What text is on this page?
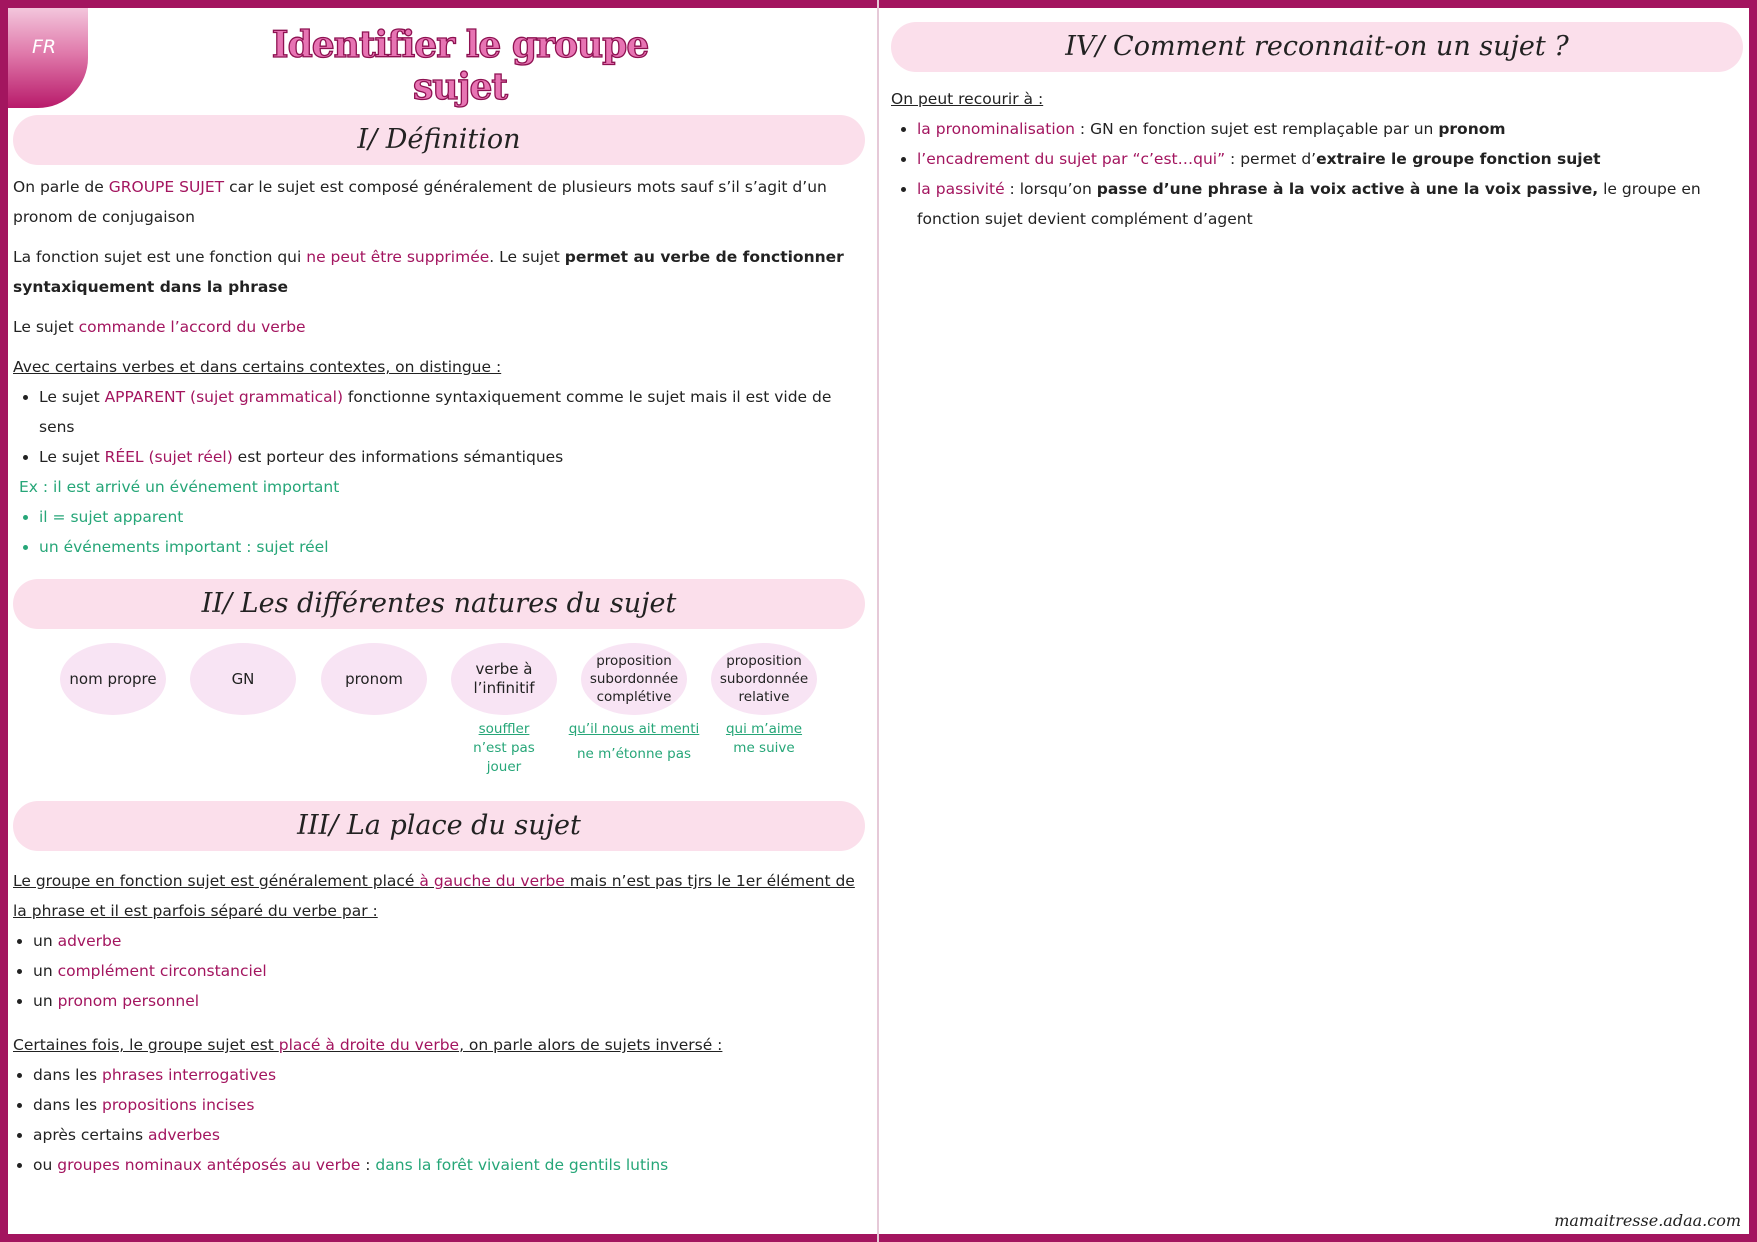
FR	Identifier le groupe sujet
I/ Définition

On parle de GROUPE SUJET car le sujet est composé généralement de plusieurs mots sauf s’il s’agit d’un pronom de conjugaison

La fonction sujet est une fonction qui ne peut être supprimée. Le sujet permet au verbe de fonctionner syntaxiquement dans la phrase

Le sujet commande l’accord du verbe

Avec certains verbes et dans certains contextes, on distingue :

• Le sujet APPARENT (sujet grammatical) fonctionne syntaxiquement comme le sujet mais il est vide de sens
• Le sujet RÉEL (sujet réel) est porteur des informations sémantiques

Ex : il est arrivé un événement important

• il = sujet apparent
• un événements important : sujet réel
II/ Les différentes natures du sujet
nom propre	GN	pronom
verbe à l’infinitif
proposition subordonnée complétive
proposition subordonnée relative
souffler
n’est pas jouer
qu’il nous ait menti
ne m’étonne pas
qui m’aime
me suive
III/ La place du sujet

Le groupe en fonction sujet est généralement placé à gauche du verbe mais n’est pas tjrs le 1er élément de la phrase et il est parfois séparé du verbe par :

• un adverbe
• un complément circonstanciel
• un pronom personnel

Certaines fois, le groupe sujet est placé à droite du verbe, on parle alors de sujets inversé :

• dans les phrases interrogatives
• dans les propositions incises
• après certains adverbes
• ou groupes nominaux antéposés au verbe : dans la forêt vivaient de gentils lutins
IV/ Comment reconnait-on un sujet ?

On peut recourir à :

• la pronominalisation : GN en fonction sujet est remplaçable par un pronom
• l’encadrement du sujet par “c’est…qui” : permet d’extraire le groupe fonction sujet
• la passivité : lorsqu’on passe d’une phrase à la voix active à une la voix passive, le groupe en fonction sujet devient complément d’agent
mamaitresse.adaa.com
